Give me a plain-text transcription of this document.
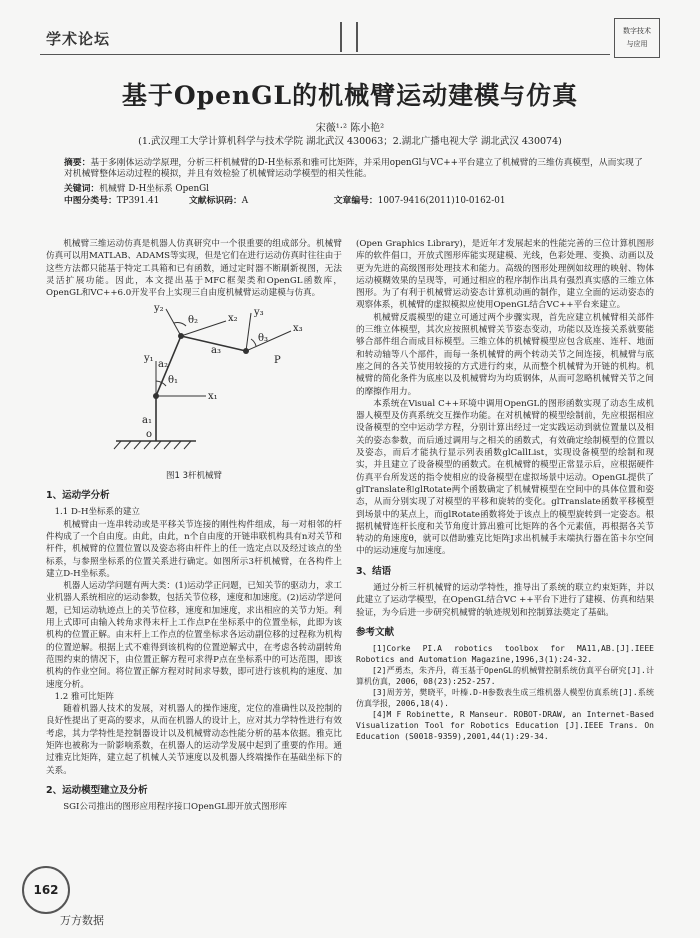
学术论坛	数字技术
与应用
基于OpenGL的机械臂运动建模与仿真
宋薇¹·² 陈小艳²
(1.武汉理工大学计算机科学与技术学院 湖北武汉 430063；2.湖北广播电视大学 湖北武汉 430074)
摘要：基于多刚体运动学原理，分析三杆机械臂的D-H坐标系和雅可比矩阵，并采用openGl与VC++平台建立了机械臂的三维仿真模型，从而实现了对机械臂整体运动过程的模拟，并且有效检验了机械臂运动学模型的相关性能。
关键词：机械臂 D-H坐标系 OpenGl
中图分类号：TP391.41	文献标识码：A	文章编号：1007-9416(2011)10-0162-01

机械臂三维运动仿真是机器人仿真研究中一个很重要的组成部分。机械臂仿真可以用MATLAB、ADAMS等实现，但是它们在进行运动仿真时往往由于这些方法都只能基于特定工具箱和已有函数，通过定时器不断刷新视图，无法灵活扩展功能。因此，本文提出基于MFC框架类和OpenGL函数库，OpenGL和VC++6.0开发平台上实现三自由度机械臂运动建模与仿真。

x₁
y₁
x₂
y₂
x₃
y₃
θ₁
θ₂
θ₃
P
a₁
a₂
a₃
o
图1 3杆机械臂

1、运动学分析

1.1 D-H坐标系的建立

机械臂由一连串转动或是平移关节连接的刚性构件组成，每一对相邻的杆件构成了一个自由度。由此，由此，n个自由度的开链串联机构具有n对关节和杆件，机械臂的位置位置以及姿态将由杆件上的任一选定点以及经过该点的坐标系，与参照坐标系的位置关系进行确定。如图所示3杆机械臂，在各构件上建立D-H坐标系。

机器人运动学问题有两大类：(1)运动学正问题，已知关节的驱动力，求工业机器人系统相应的运动参数，包括关节位移，速度和加速度。(2)运动学逆问题，已知运动轨迹点上的关节位移，速度和加速度，求出相应的关节力矩。利用上式即可由输入转角求得末杆上工作点P在坐标系中的位置坐标，此即为该机构的位置正解。由末杆上工作点的位置坐标求各运动副位移的过程称为机构的位置逆解。根据上式不难得到该机构的位置逆解式中，在考虑各转动副转角范围约束的情况下，由位置正解方程可求得P点在坐标系中的可达范围，即该机构的作业空间。将位置正解方程对时间求导数，即可进行该机构的速度、加速度分析。

1.2 雅可比矩阵

随着机器人技术的发展，对机器人的操作速度，定位的准确性以及控制的良好性提出了更高的要求，从而在机器人的设计上，应对其力学特性进行有效考虑，其力学特性是控制器设计以及机械臂动态性能分析的基本依据。雅克比矩阵也被称为一阶影响系数，在机器人的运动学发展中起到了重要的作用。通过雅克比矩阵，建立起了机械人关节速度以及机器人终端操作在基础坐标下的关系。

2、运动模型建立及分析

SGI公司推出的图形应用程序接口OpenGL即开放式图形库

(Open Graphics Library)，是近年才发展起来的性能完善的三位计算机图形库的软件倡口，开放式图形库能实现建模、光线，色彩处理、变换、动画以及更为先进的高级图形处理技术和能力。高级的图形处理例如纹理的映射、物体运动模糊效果的呈现等，可通过相应的程序制作出具有强烈真实感的三维立体图形。为了有利于机械臂运动姿态计算机动画的制作，建立全面的运动姿态的观察体系，机械臂的虚拟模拟应使用OpenGL结合VC++平台来建立。

机械臂反震模型的建立可通过两个步骤实现，首先应建立机械臂相关部件的三维立体模型，其次应按照机械臂关节姿态变动，功能以及连接关系就要能够合部件组合而成目标模型。三维立体的机械臂模型应包含底座、连杆、地面和转动轴等八个部件，而每一条机械臂的两个转动关节之间连接，机械臂与底座之间的各关节使用较接的方式进行约束，从而整个机械臂为开链的机构。机械臂的简化条件为底座以及机械臂均为均质钢体，从而可忽略机械臂关节之间的摩擦作用力。

本系统在Visual C++环境中调用OpenGL的图形函数实现了动态生成机器人模型及仿真系统交互操作功能。在对机械臂的模型绘制前，先应根据相应设备模型的空中运动学方程，分别计算出经过一定实践运动到就位置量以及相关的姿态参数，而后通过调用与之相关的函数式，有效确定绘制模型的位置以及姿态，而后才能执行显示列表函数glCallList，实现设备模型的绘制和现实，并且建立了设备模型的函数式。在机械臂的模型正常显示后，应根据硬件仿真平台所发送的指令使相应的设备模型在虚拟场景中运动。OpenGL提供了glTranslate和glRotate两个函数确定了机械臂模型在空间中的具体位置和姿态，从而分别实现了对模型的平移和旋转的变化。glTranslate函数平移模型到场景中的某点上，而glRotate函数将处于该点上的模型旋转到一定姿态。根据机械臂连杆长度和关节角度计算出雅可比矩阵的各个元素值，再根据各关节转动的角速度θ，就可以借助雅克比矩阵J求出机械手末端执行器在笛卡尔空间中的运动速度与加速度。

3、结语

通过分析三杆机械臂的运动学特性，推导出了系统的联立约束矩阵，并以此建立了运动学模型，在OpenGL结合VC ++平台下进行了建模、仿真和结果验证，为今后进一步研究机械臂的轨迹规划和控制算法奠定了基础。

参考文献

[1]Corke PI.A robotics toolbox for MA11,AB.[J].IEEE Robotics and Automation Magazine,1996,3(1):24-32.

[2]严勇杰，朱齐丹，蒋玉基于OpenGL的机械臂控制系统仿真平台研究[J].计算机仿真，2006，08(23):252-257.

[3]周芳芳，樊晓平，叶榛.D-H参数表生成三维机器人模型仿真系统[J].系统仿真学报，2006,18(4).

[4]M F Robinette, R Manseur. ROBOT-DRAW, an Internet-Based Visualization Tool for Robotics Education [J].IEEE Trans. On Education (S0018-9359),2001,44(1):29-34.

162
万方数据
